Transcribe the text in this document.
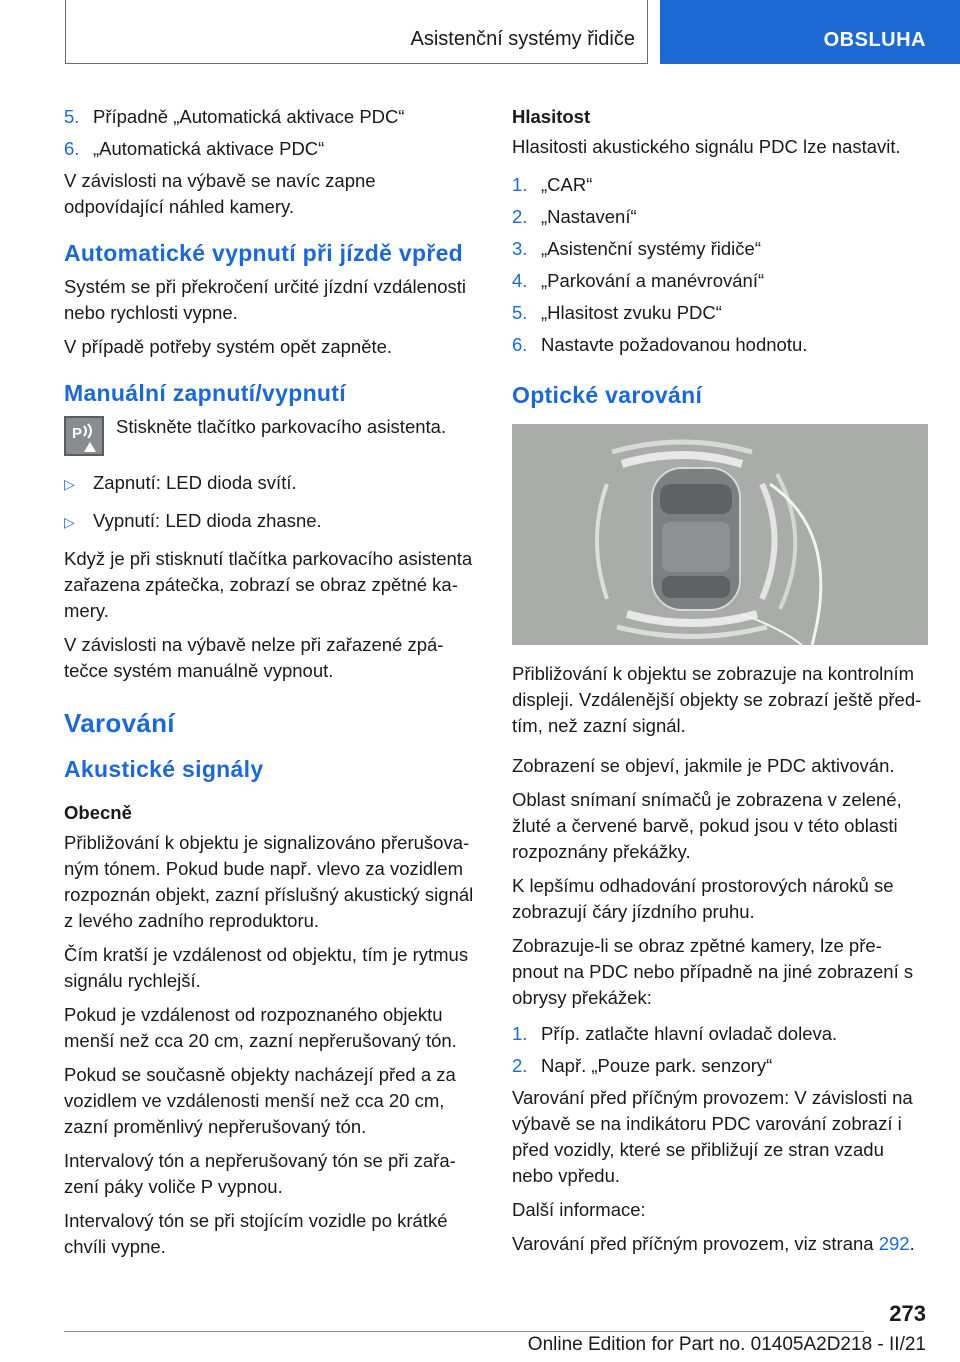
Asistenční systémy řidiče	OBSLUHA
5. Případně „Automatická aktivace PDC“
6. „Automatická aktivace PDC“

V závislosti na výbavě se navíc zapne odpovídající náhled kamery.

Automatické vypnutí při jízdě vpřed

Systém se při překročení určité jízdní vzdálenosti nebo rychlosti vypne.

V případě potřeby systém opět zapněte.

Manuální zapnutí/vypnutí
P Stiskněte tlačítko parkovacího asistenta.

▷ Zapnutí: LED dioda svítí.
▷ Vypnutí: LED dioda zhasne.

Když je při stisknutí tlačítka parkovacího asistenta zařazena zpátečka, zobrazí se obraz zpětné ka-mery.

V závislosti na výbavě nelze při zařazené zpá-tečce systém manuálně vypnout.

Varování
Akustické signály
Obecně

Přibližování k objektu je signalizováno přerušova-ným tónem. Pokud bude např. vlevo za vozidlem rozpoznán objekt, zazní příslušný akustický signál z levého zadního reproduktoru.

Čím kratší je vzdálenost od objektu, tím je rytmus signálu rychlejší.

Pokud je vzdálenost od rozpoznaného objektu menší než cca 20 cm, zazní nepřerušovaný tón.

Pokud se současně objekty nacházejí před a za vozidlem ve vzdálenosti menší než cca 20 cm, zazní proměnlivý nepřerušovaný tón.

Intervalový tón a nepřerušovaný tón se při zařa-zení páky voliče P vypnou.

Intervalový tón se při stojícím vozidle po krátké chvíli vypne.

Hlasitost

Hlasitosti akustického signálu PDC lze nastavit.

1. „CAR“
2. „Nastavení“
3. „Asistenční systémy řidiče“
4. „Parkování a manévrování“
5. „Hlasitost zvuku PDC“
6. Nastavte požadovanou hodnotu.
Optické varování

Přibližování k objektu se zobrazuje na kontrolním displeji. Vzdálenější objekty se zobrazí ještě před-tím, než zazní signál.

Zobrazení se objeví, jakmile je PDC aktivován.

Oblast snímaní snímačů je zobrazena v zelené, žluté a červené barvě, pokud jsou v této oblasti rozpoznány překážky.

K lepšímu odhadování prostorových nároků se zobrazují čáry jízdního pruhu.

Zobrazuje-li se obraz zpětné kamery, lze pře-pnout na PDC nebo případně na jiné zobrazení s obrysy překážek:

1. Příp. zatlačte hlavní ovladač doleva.
2. Např. „Pouze park. senzory“

Varování před příčným provozem: V závislosti na výbavě se na indikátoru PDC varování zobrazí i před vozidly, které se přibližují ze stran vzadu nebo vpředu.

Další informace:

Varování před příčným provozem, viz strana 292.

273
Online Edition for Part no. 01405A2D218 - II/21
